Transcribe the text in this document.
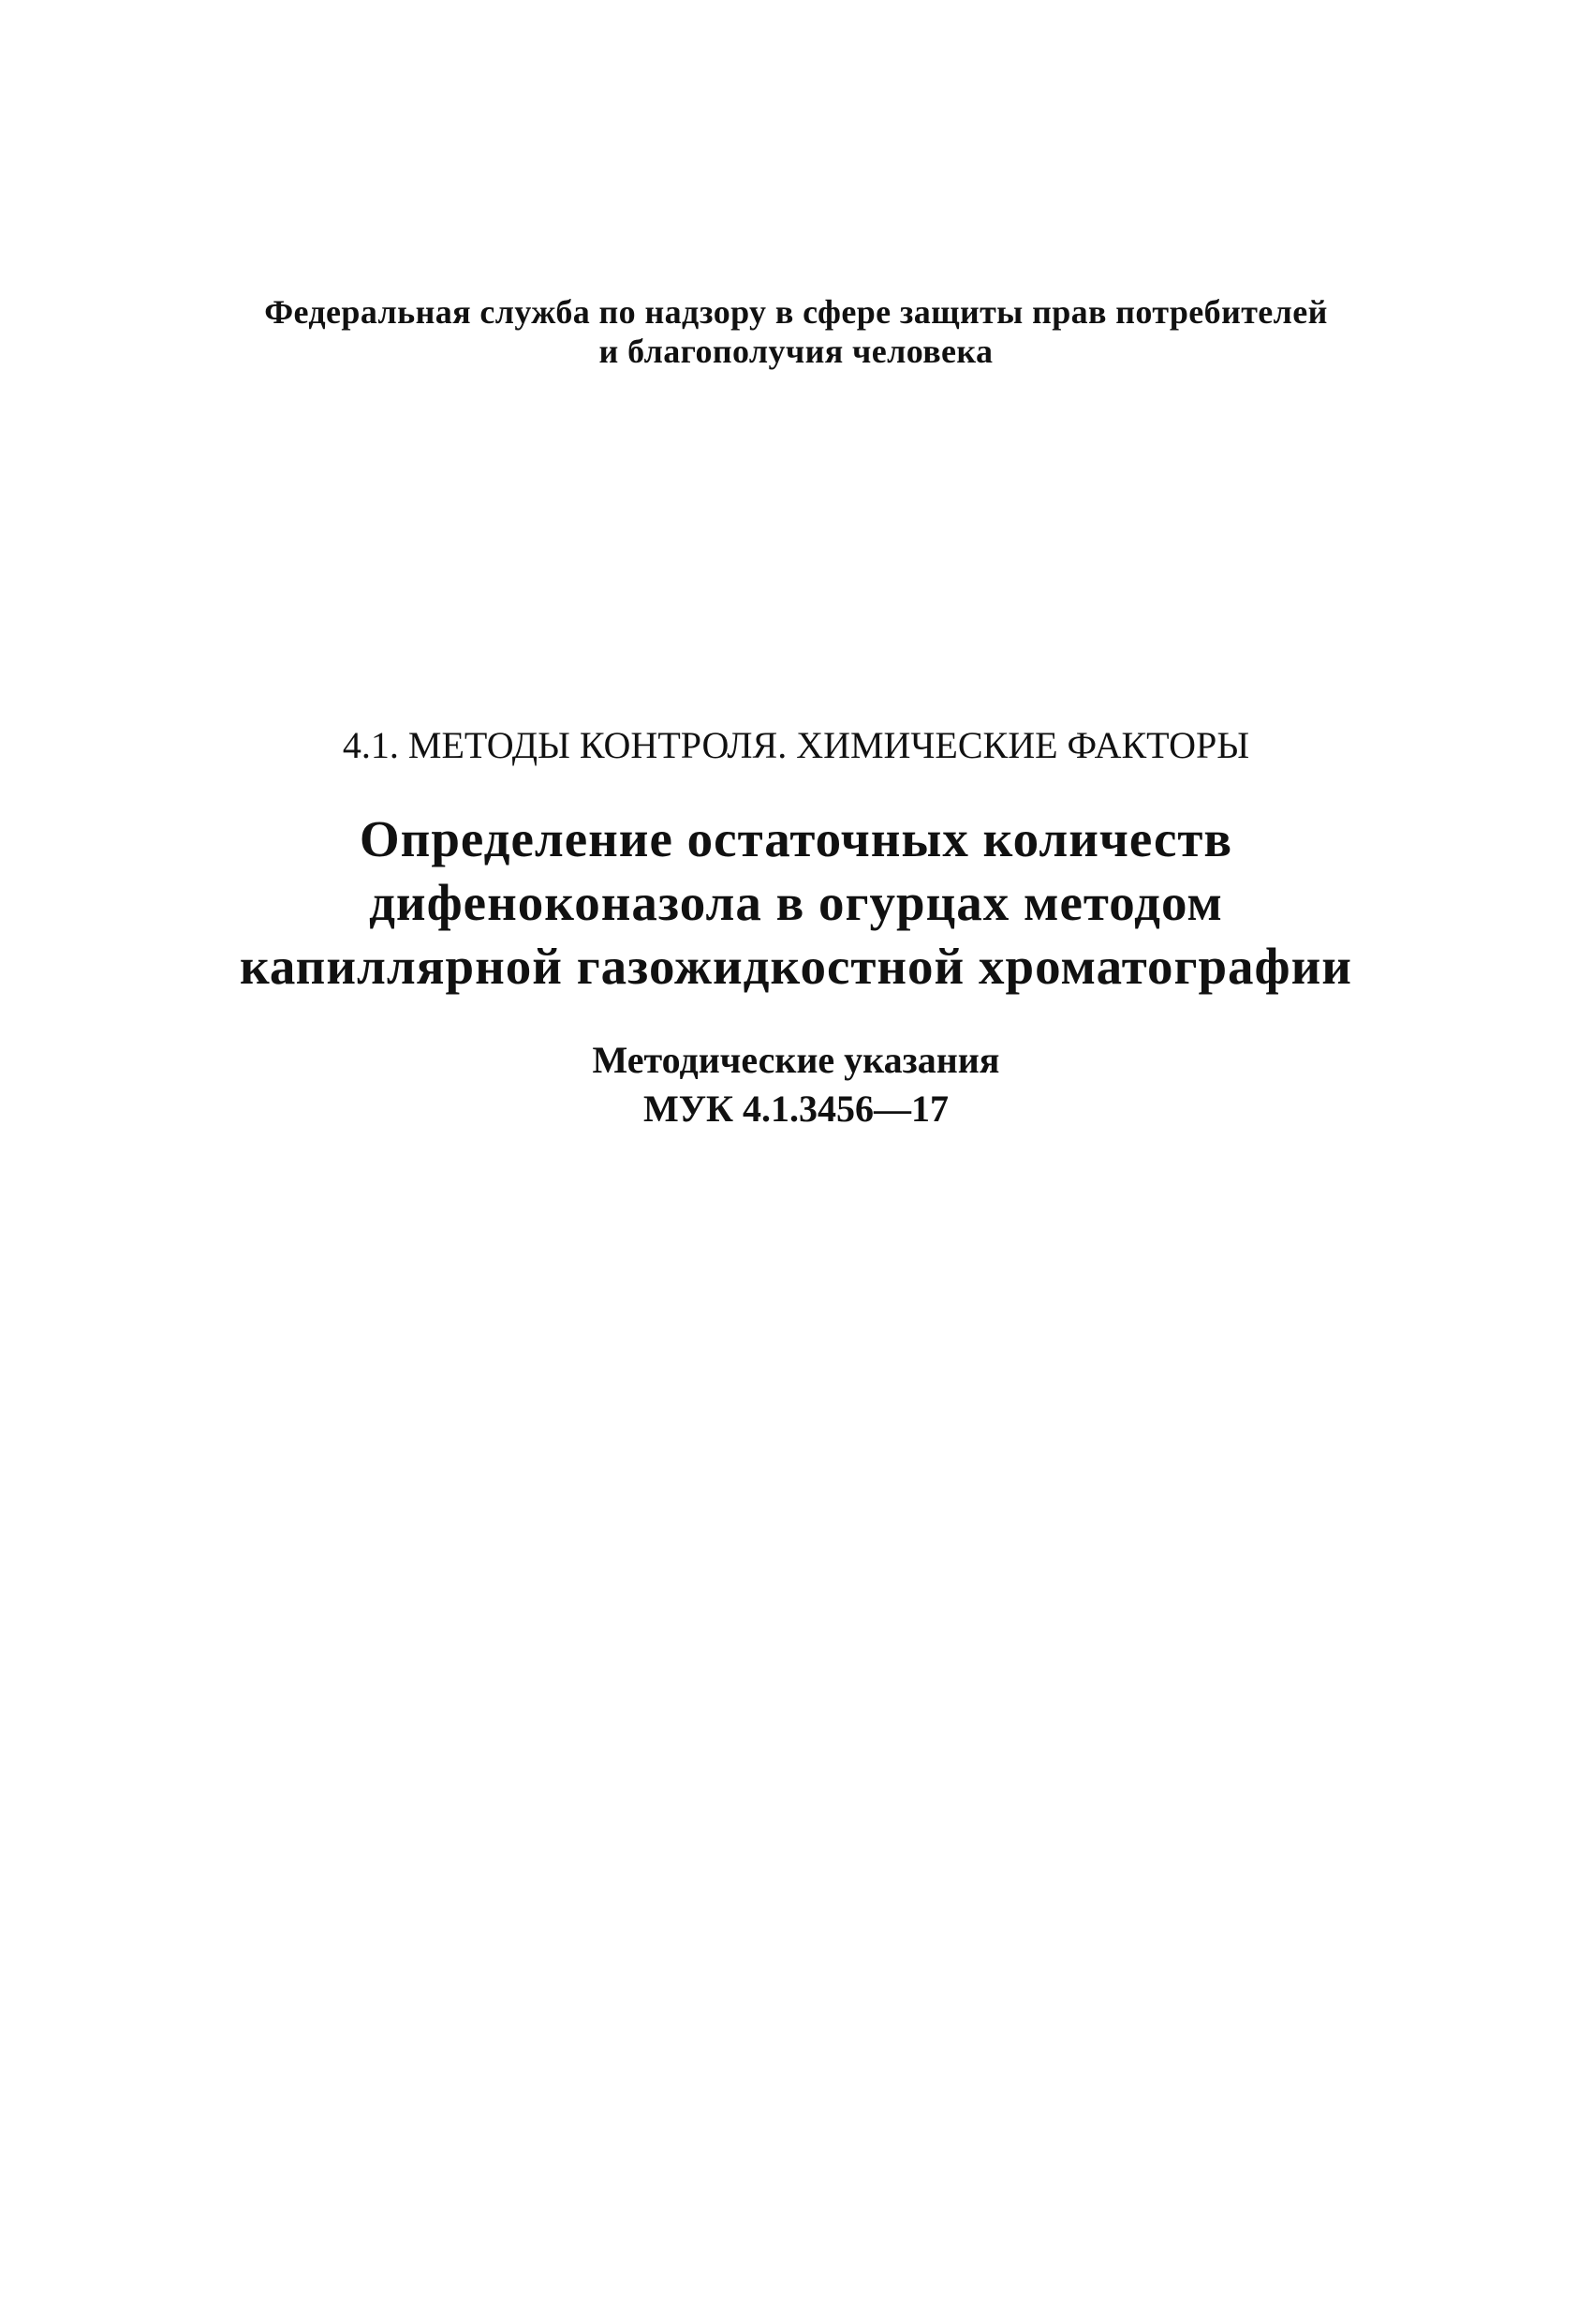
Федеральная служба по надзору в сфере защиты прав потребителей
и благополучия человека
4.1. МЕТОДЫ КОНТРОЛЯ. ХИМИЧЕСКИЕ ФАКТОРЫ
Определение остаточных количеств
дифеноконазола в огурцах методом
капиллярной газожидкостной хроматографии
Методические указания
МУК 4.1.3456—17
